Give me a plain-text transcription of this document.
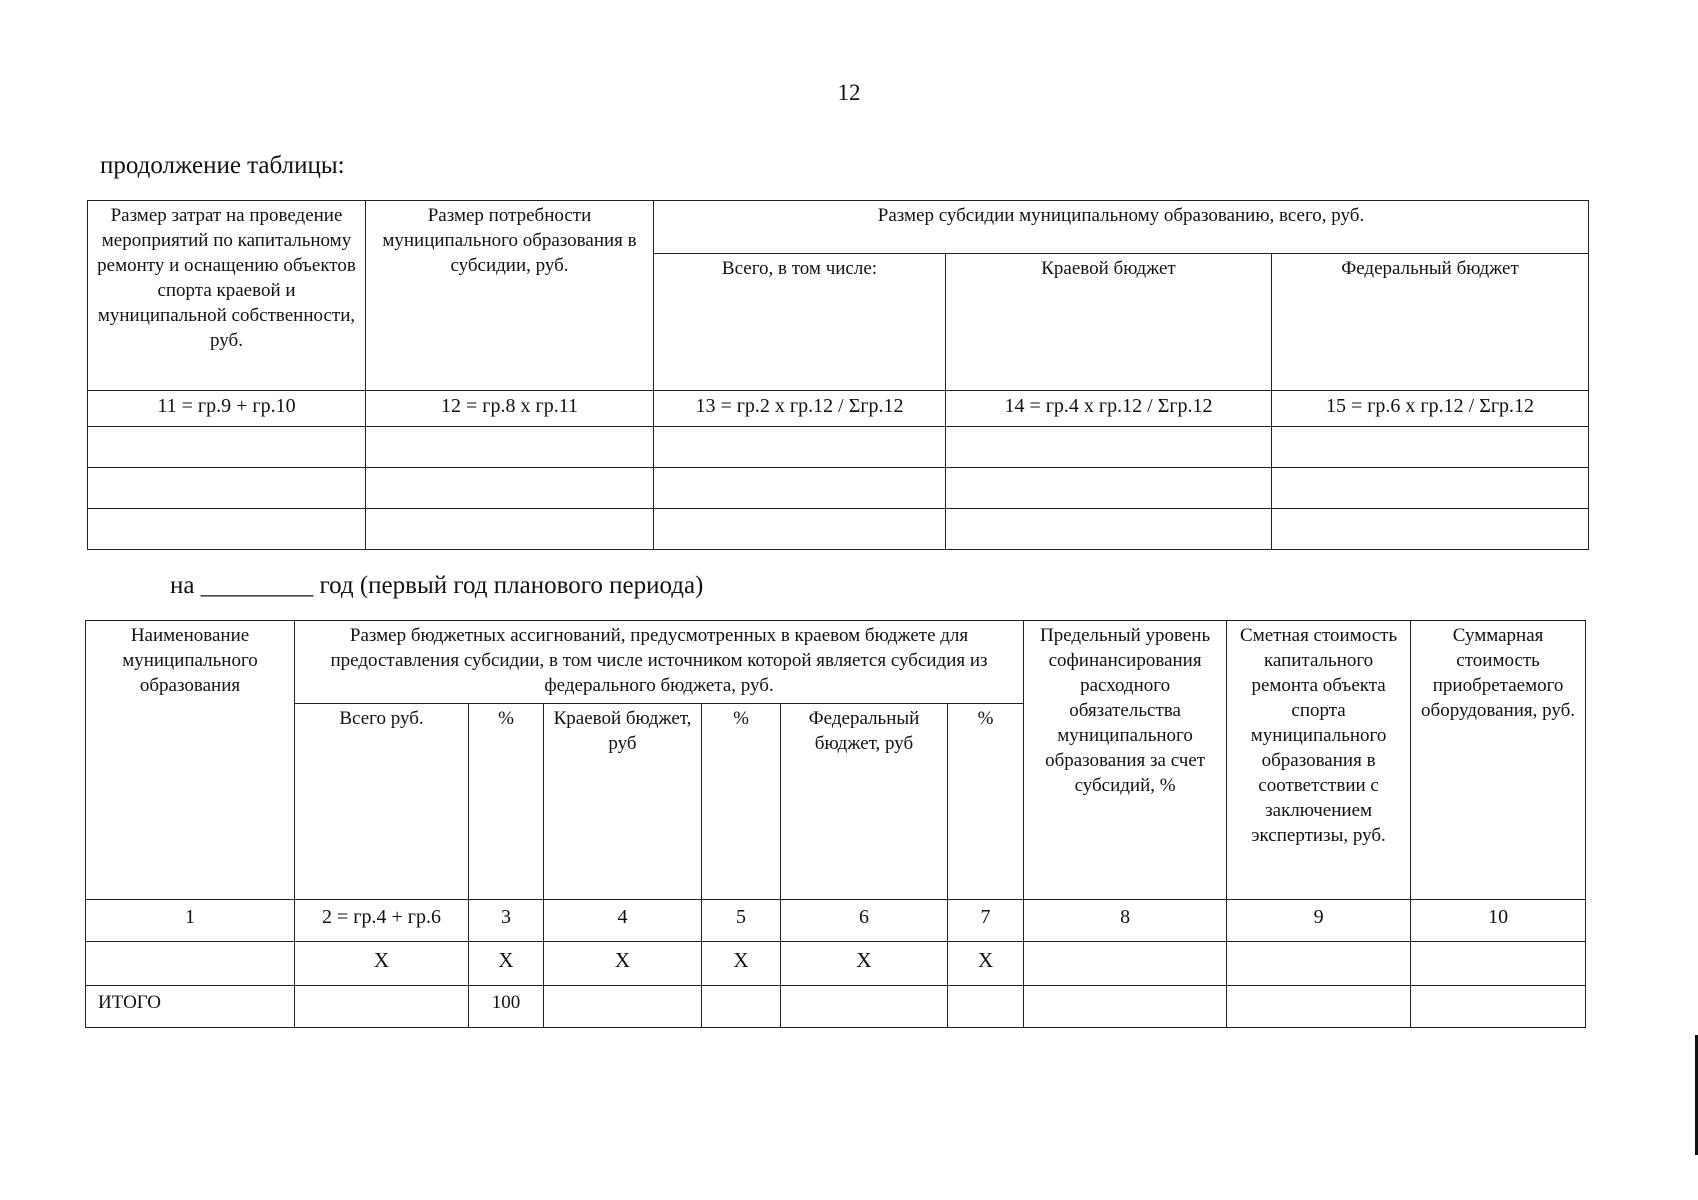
12
продолжение таблицы:
Размер затрат на проведение мероприятий по капитальному ремонту и оснащению объектов спорта краевой и муниципальной собственности, руб.	Размер потребности муниципального образования в субсидии, руб.	Размер субсидии муниципальному образованию, всего, руб.		
		Всего, в том числе:	Краевой бюджет	Федеральный бюджет
11 = гр.9 + гр.10	12 = гр.8 х гр.11	13 = гр.2 х гр.12 / Σгр.12	14 = гр.4 х гр.12 / Σгр.12	15 = гр.6 х гр.12 / Σгр.12

на _________ год (первый год планового периода)
Наименование муниципального образования	Размер бюджетных ассигнований, предусмотренных в краевом бюджете для предоставления субсидии, в том числе источником которой является субсидия из федерального бюджета, руб.						Предельный уровень софинансирования расходного обязательства муниципального образования за счет субсидий, %	Сметная стоимость капитального ремонта объекта спорта муниципального образования в соответствии с заключением экспертизы, руб.	Суммарная стоимость приобретаемого оборудования, руб.
	Всего руб.	%	Краевой бюджет, руб	%	Федеральный бюджет, руб	%			
1	2 = гр.4 + гр.6	3	4	5	6	7	8	9	10
	Х	Х	Х	Х	Х	Х			
ИТОГО		100							
